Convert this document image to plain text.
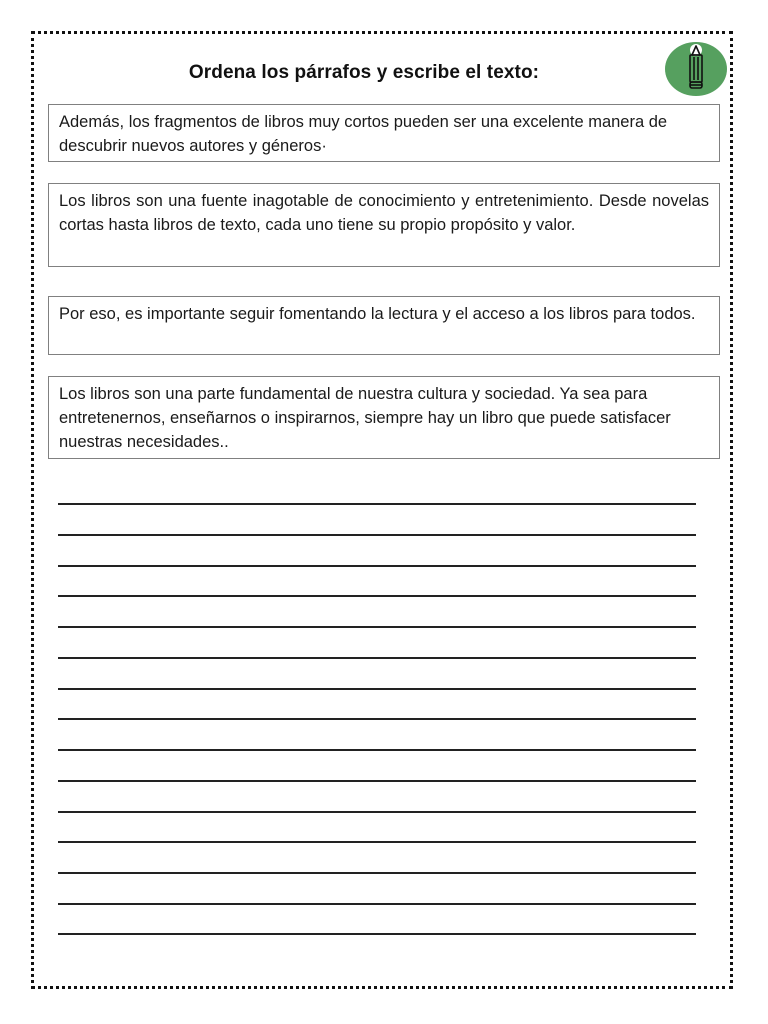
Ordena los párrafos y escribe el texto:
Además, los fragmentos de libros muy cortos pueden ser una excelente manera de descubrir nuevos autores y géneros·
Los libros son una fuente inagotable de conocimiento y entretenimiento. Desde novelas cortas hasta libros de texto, cada uno tiene su propio propósito y valor.
Por eso, es importante seguir fomentando la lectura y el acceso a los libros para todos.
Los libros son una parte fundamental de nuestra cultura y sociedad. Ya sea para entretenernos, enseñarnos o inspirarnos, siempre hay un libro que puede satisfacer nuestras necesidades..
